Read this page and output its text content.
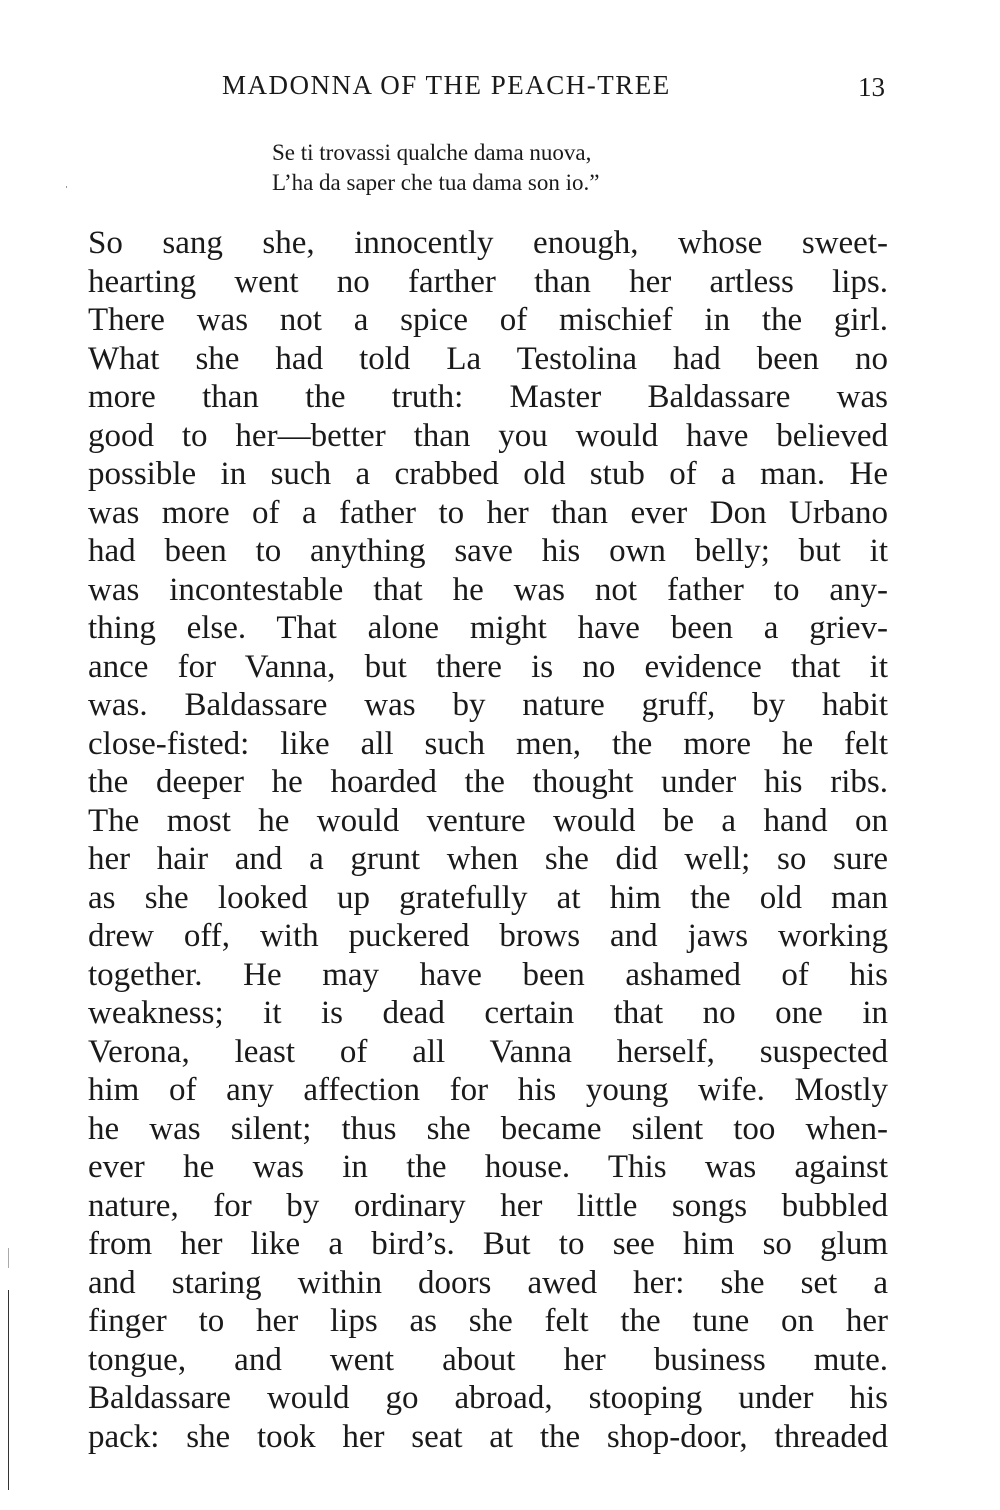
MADONNA OF THE PEACH-TREE	13
Se ti trovassi qualche dama nuova,
L’ha da saper che tua dama son io.”
So sang she, innocently enough, whose sweet-
hearting went no farther than her artless lips.
There was not a spice of mischief in the girl.
What she had told La Testolina had been no
more than the truth: Master Baldassare was
good to her—better than you would have believed
possible in such a crabbed old stub of a man. He
was more of a father to her than ever Don Urbano
had been to anything save his own belly; but it
was incontestable that he was not father to any-
thing else. That alone might have been a griev-
ance for Vanna, but there is no evidence that it
was. Baldassare was by nature gruff, by habit
close-fisted: like all such men, the more he felt
the deeper he hoarded the thought under his ribs.
The most he would venture would be a hand on
her hair and a grunt when she did well; so sure
as she looked up gratefully at him the old man
drew off, with puckered brows and jaws working
together. He may have been ashamed of his
weakness; it is dead certain that no one in
Verona, least of all Vanna herself, suspected
him of any affection for his young wife. Mostly
he was silent; thus she became silent too when-
ever he was in the house. This was against
nature, for by ordinary her little songs bubbled
from her like a bird’s. But to see him so glum
and staring within doors awed her: she set a
finger to her lips as she felt the tune on her
tongue, and went about her business mute.
Baldassare would go abroad, stooping under his
pack: she took her seat at the shop-door, threaded
